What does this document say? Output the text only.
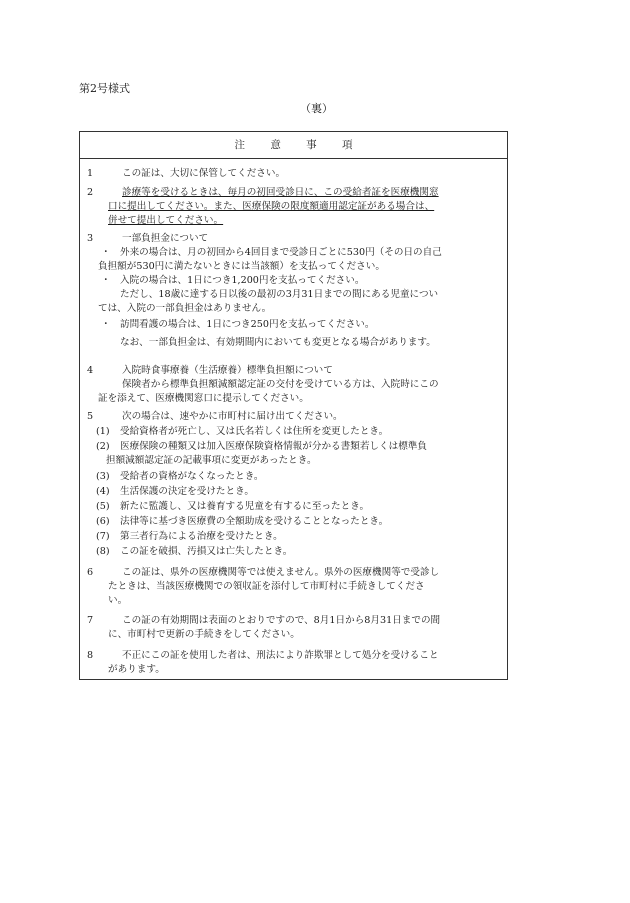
第2号様式
（裏）
注 意 事 項
1	この証は、大切に保管してください。
2	診療等を受けるときは、毎月の初回受診日に、この受給者証を医療機関窓
口に提出してください。また、医療保険の限度額適用認定証がある場合は、
併せて提出してください。
3	一部負担金について
・ 外来の場合は、月の初回から4回目まで受診日ごとに530円（その日の自己
負担額が530円に満たないときには当該額）を支払ってください。
・ 入院の場合は、1日につき1,200円を支払ってください。
ただし、18歳に達する日以後の最初の3月31日までの間にある児童につい
ては、入院の一部負担金はありません。
・ 訪問看護の場合は、1日につき250円を支払ってください。
なお、一部負担金は、有効期間内においても変更となる場合があります。
4	入院時食事療養（生活療養）標準負担額について
保険者から標準負担額減額認定証の交付を受けている方は、入院時にこの
証を添えて、医療機関窓口に提示してください。
5	次の場合は、速やかに市町村に届け出てください。
(1) 受給資格者が死亡し、又は氏名若しくは住所を変更したとき。
(2) 医療保険の種類又は加入医療保険資格情報が分かる書類若しくは標準負
担額減額認定証の記載事項に変更があったとき。
(3) 受給者の資格がなくなったとき。
(4) 生活保護の決定を受けたとき。
(5) 新たに監護し、又は養育する児童を有するに至ったとき。
(6) 法律等に基づき医療費の全額助成を受けることとなったとき。
(7) 第三者行為による治療を受けたとき。
(8) この証を破損、汚損又は亡失したとき。
6	この証は、県外の医療機関等では使えません。県外の医療機関等で受診し
たときは、当該医療機関での領収証を添付して市町村に手続きしてくださ
い。
7	この証の有効期間は表面のとおりですので、8月1日から8月31日までの間
に、市町村で更新の手続きをしてください。
8	不正にこの証を使用した者は、刑法により詐欺罪として処分を受けること
があります。
